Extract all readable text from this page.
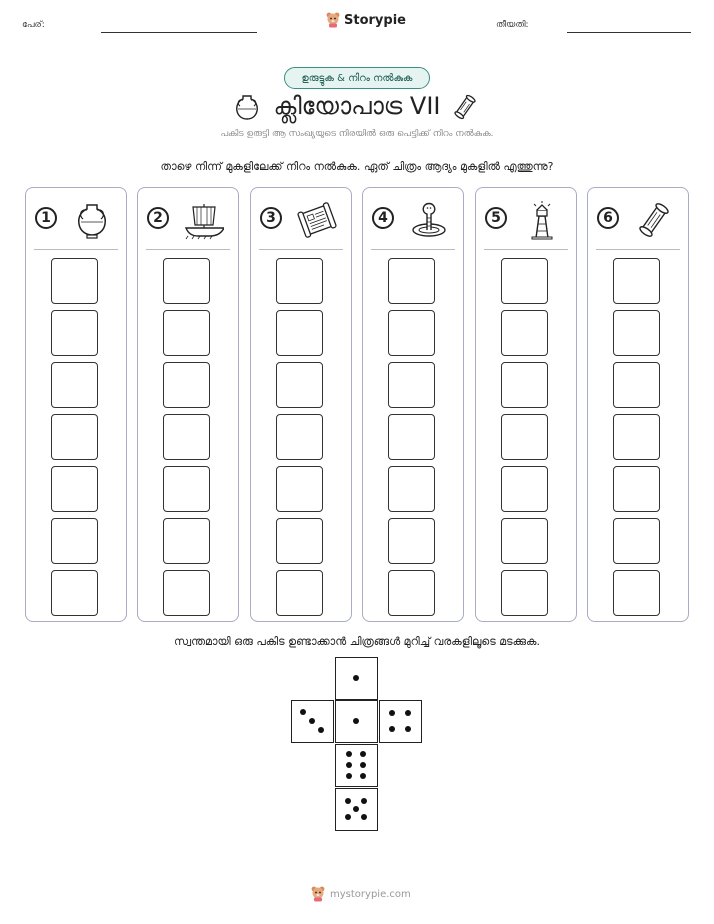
പേര്:	Storypie	തീയതി:
ഉരുട്ടുക & നിറം നൽകുക
ക്ലിയോപാട്ര VII
പകിട ഉരുട്ടി ആ സംഖ്യയുടെ നിരയിൽ ഒരു പെട്ടിക്ക് നിറം നൽകുക.
താഴെ നിന്ന് മുകളിലേക്ക് നിറം നൽകുക. ഏത് ചിത്രം ആദ്യം മുകളിൽ എത്തുന്നു?
1	2	3	4	5	6
സ്വന്തമായി ഒരു പകിട ഉണ്ടാക്കാൻ ചിത്രങ്ങൾ മുറിച്ച് വരകളിലൂടെ മടക്കുക.
mystorypie.com
